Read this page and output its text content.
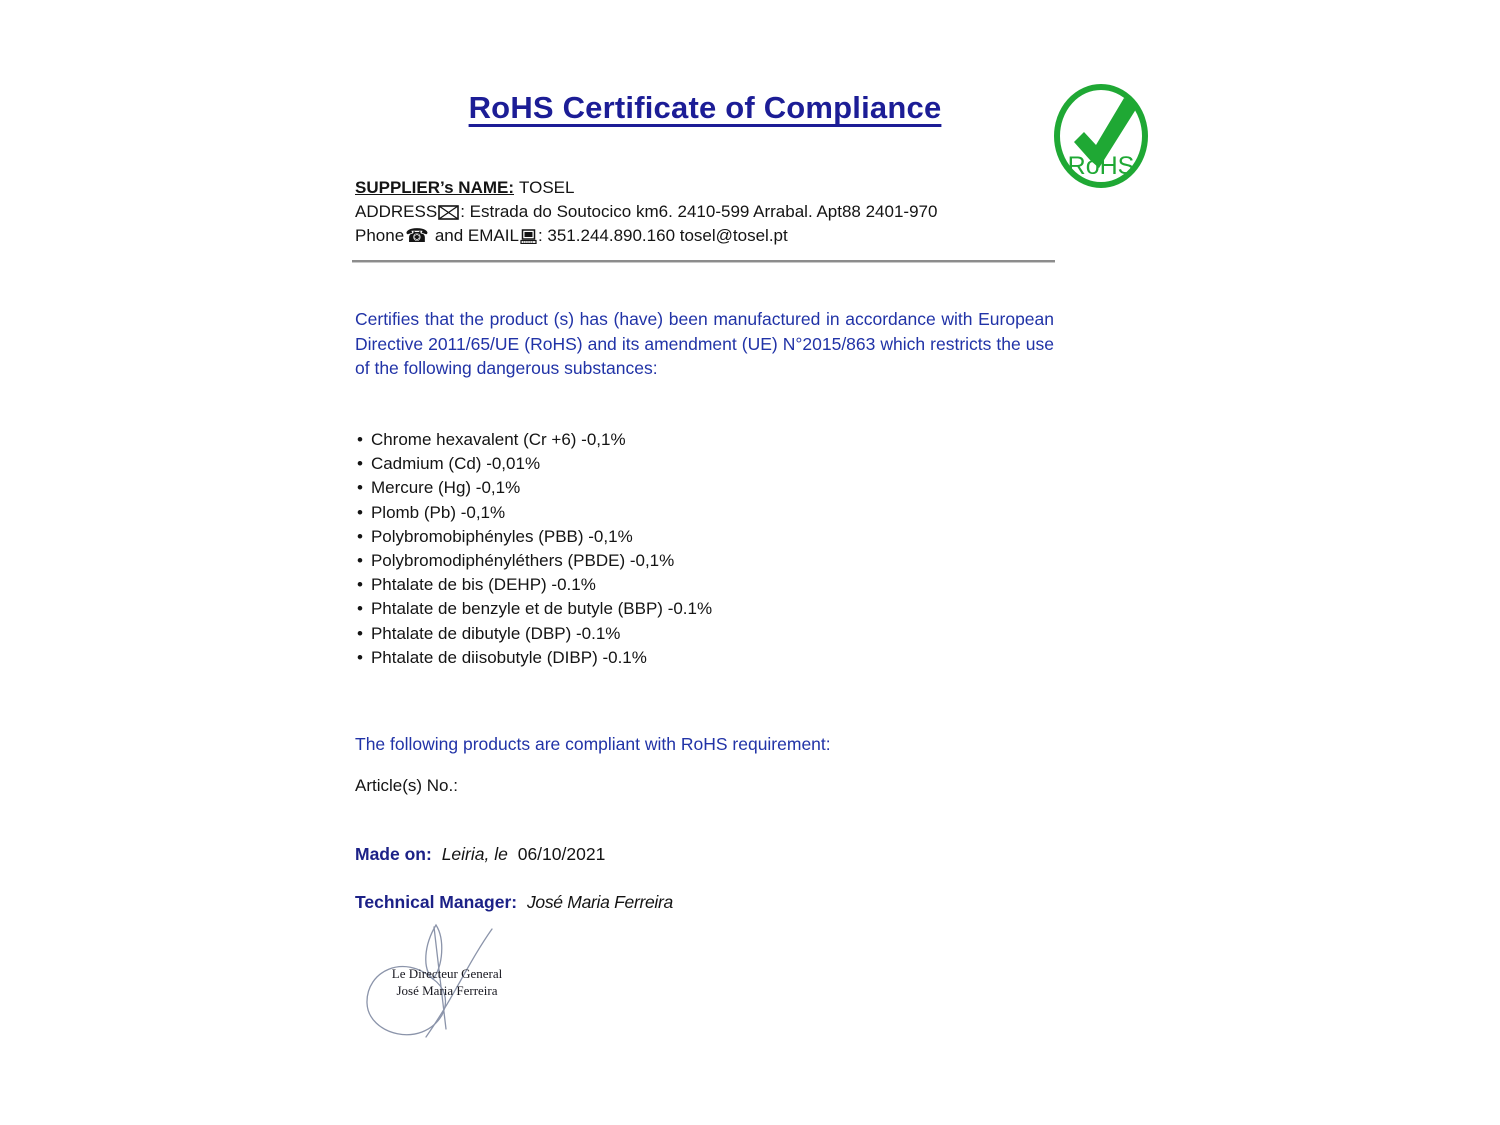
RoHS Certificate of Compliance
RoHS
SUPPLIER’s NAME: TOSEL
ADDRESS : Estrada do Soutocico km6. 2410-599 Arrabal. Apt88 2401-970
Phone ☎ and EMAIL : 351.244.890.160 tosel@tosel.pt
Certifies that the product (s) has (have) been manufactured in accordance with European Directive 2011/65/UE (RoHS) and its amendment (UE) N°2015/863 which restricts the use of the following dangerous substances:
• Chrome hexavalent (Cr +6) -0,1%
• Cadmium (Cd) -0,01%
• Mercure (Hg) -0,1%
• Plomb (Pb) -0,1%
• Polybromobiphényles (PBB) -0,1%
• Polybromodiphényléthers (PBDE) -0,1%
• Phtalate de bis (DEHP) -0.1%
• Phtalate de benzyle et de butyle (BBP) -0.1%
• Phtalate de dibutyle (DBP) -0.1%
• Phtalate de diisobutyle (DIBP) -0.1%
The following products are compliant with RoHS requirement:
Article(s) No.:
Made on: Leiria, le 06/10/2021
Technical Manager: José Maria Ferreira
Le Directeur General
José Maria Ferreira
